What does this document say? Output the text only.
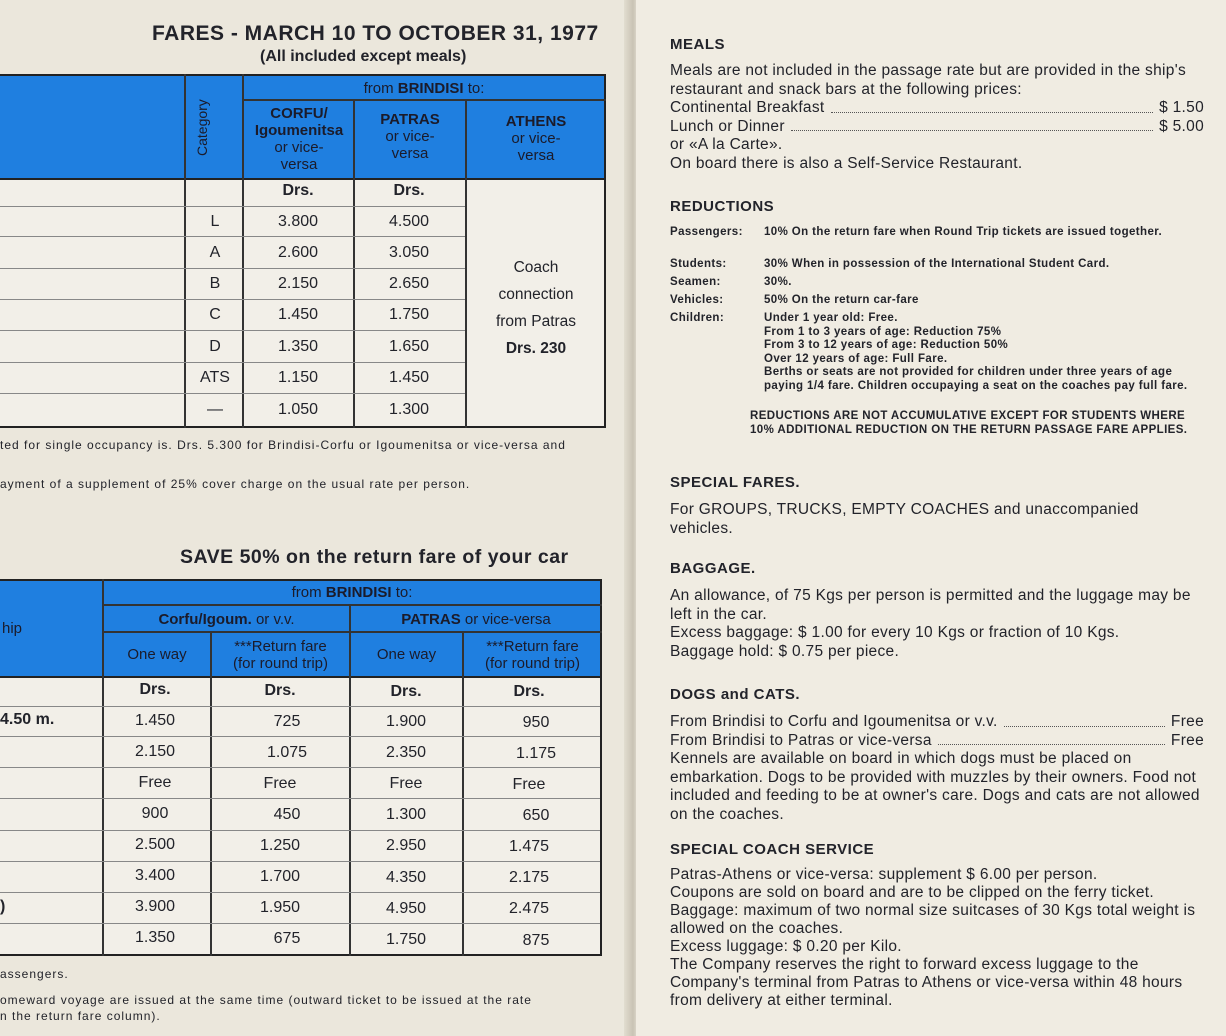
FARES - MARCH 10 TO OCTOBER 31, 1977
(All included except meals)
from BRINDISI to:
Category	CORFU/
Igoumenitsa
or vice-
versa
PATRAS
or vice-
versa
ATHENS
or vice-
versa
Drs.	Drs.
L	3.800	4.500
A	2.600	3.050
B	2.150	2.650
C	1.450	1.750
D	1.350	1.650
ATS	1.150	1.450
—	1.050	1.300
Coach
connection
from Patras
Drs. 230
ted for single occupancy is. Drs. 5.300 for Brindisi-Corfu or Igoumenitsa or vice-versa and
ayment of a supplement of 25% cover charge on the usual rate per person.
SAVE 50% on the return fare of your car
from BRINDISI to:
hip
Corfu/Igoum. or v.v.	PATRAS or vice-versa
One way	***Return fare
(for round trip)
One way	***Return fare
(for round trip)
Drs.	Drs.	Drs.	Drs.
4.50 m.	1.450	725	1.900	950
2.150	1.075	2.350	1.175
Free	Free	Free	Free
900	450	1.300	650
2.500	1.250	2.950	1.475
3.400	1.700	4.350	2.175
)	3.900	1.950	4.950	2.475
1.350	675	1.750	875
assengers.
omeward voyage are issued at the same time (outward ticket to be issued at the rate
n the return fare column).
MEALS
Meals are not included in the passage rate but are provided in the ship's restaurant and snack bars at the following prices:
Continental Breakfast	$ 1.50
Lunch or Dinner	$ 5.00
or «A la Carte».
On board there is also a Self-Service Restaurant.
REDUCTIONS
Passengers:	10% On the return fare when Round Trip tickets are issued together.
Students:	30% When in possession of the International Student Card.
Seamen:	30%.
Vehicles:	50% On the return car-fare
Children:	Under 1 year old: Free.
From 1 to 3 years of age: Reduction 75%
From 3 to 12 years of age: Reduction 50%
Over 12 years of age: Full Fare.
Berths or seats are not provided for children under three years of age paying 1/4 fare. Children occupaying a seat on the coaches pay full fare.
REDUCTIONS ARE NOT ACCUMULATIVE EXCEPT FOR STUDENTS WHERE 10% ADDITIONAL REDUCTION ON THE RETURN PASSAGE FARE APPLIES.
SPECIAL FARES.
For GROUPS, TRUCKS, EMPTY COACHES and unaccompanied vehicles.
BAGGAGE.
An allowance, of 75 Kgs per person is permitted and the luggage may be left in the car.
Excess baggage: $ 1.00 for every 10 Kgs or fraction of 10 Kgs.
Baggage hold: $ 0.75 per piece.
DOGS and CATS.
From Brindisi to Corfu and Igoumenitsa or v.v.	Free
From Brindisi to Patras or vice-versa	Free
Kennels are available on board in which dogs must be placed on embarkation. Dogs to be provided with muzzles by their owners. Food not included and feeding to be at owner's care. Dogs and cats are not allowed on the coaches.
SPECIAL COACH SERVICE
Patras-Athens or vice-versa: supplement $ 6.00 per person.
Coupons are sold on board and are to be clipped on the ferry ticket.
Baggage: maximum of two normal size suitcases of 30 Kgs total weight is allowed on the coaches.
Excess luggage: $ 0.20 per Kilo.
The Company reserves the right to forward excess luggage to the Company's terminal from Patras to Athens or vice-versa within 48 hours from delivery at either terminal.
